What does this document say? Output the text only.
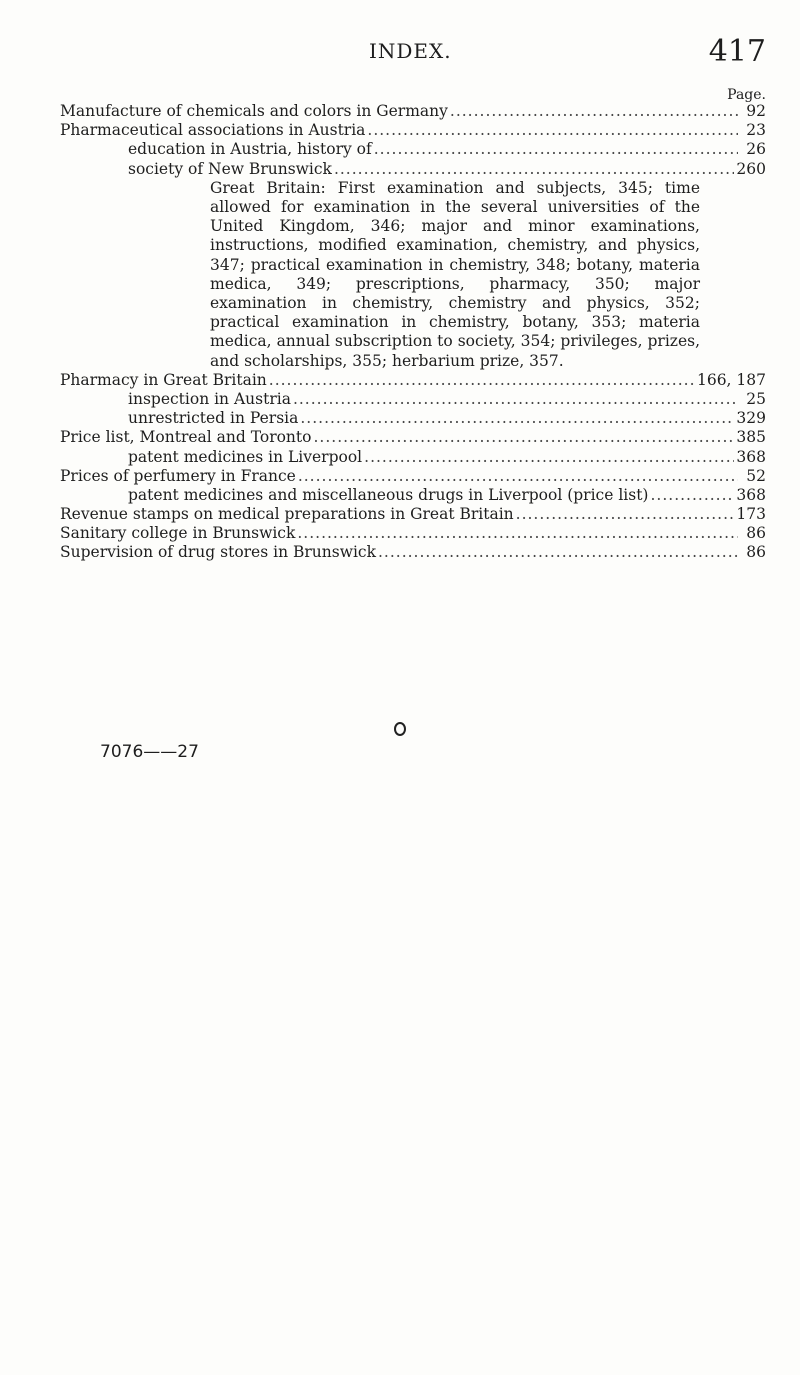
INDEX.	417
Page.
Manufacture of chemicals and colors in Germany .....	92
Pharmaceutical associations in Austria .....	23
education in Austria, history of .....	26
society of New Brunswick .....	260

Great Britain: First examination and subjects, 345; time allowed for examination in the several universities of the United Kingdom, 346; major and minor examinations, instructions, modified examination, chemistry, and physics, 347; practical examination in chemistry, 348; botany, materia medica, 349; prescriptions, pharmacy, 350; major examination in chemistry, chemistry and physics, 352; practical examination in chemistry, botany, 353; materia medica, annual subscription to society, 354; privileges, prizes, and scholarships, 355; herbarium prize, 357.

Pharmacy in Great Britain .....	166, 187
inspection in Austria .....	25
unrestricted in Persia .....	329
Price list, Montreal and Toronto .....	385
patent medicines in Liverpool .....	368
Prices of perfumery in France .....	52
patent medicines and miscellaneous drugs in Liverpool (price list) .....	368
Revenue stamps on medical preparations in Great Britain .....	173
Sanitary college in Brunswick .....	86
Supervision of drug stores in Brunswick .....	86
7076——27
